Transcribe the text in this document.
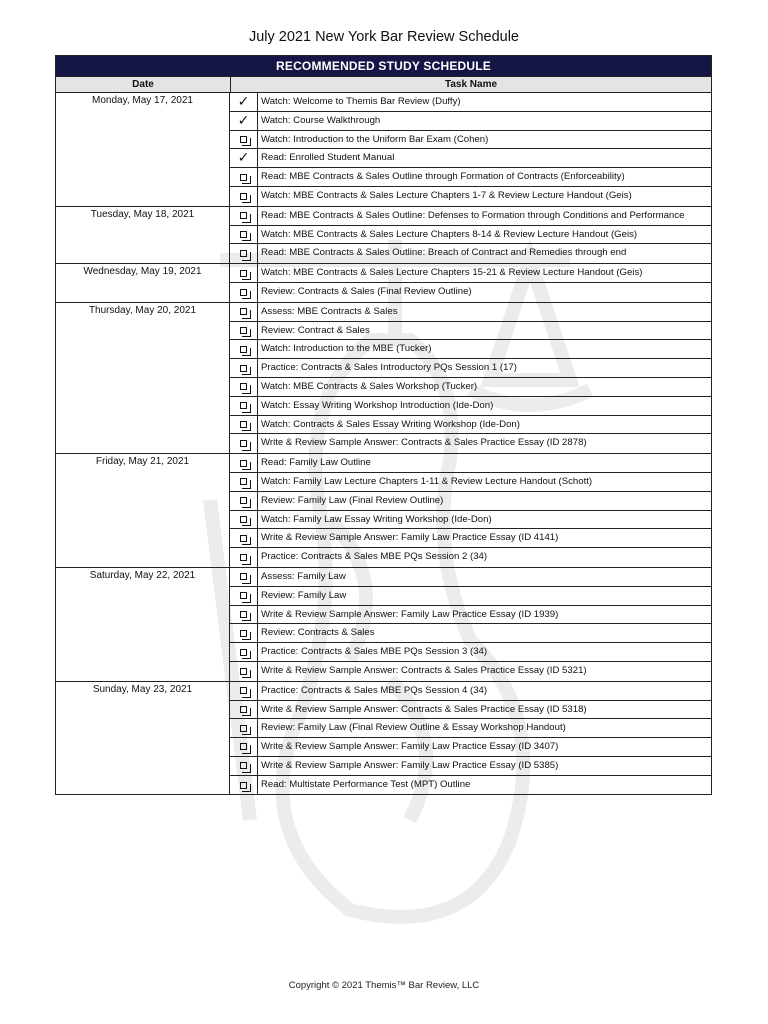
July 2021 New York Bar Review Schedule
RECOMMENDED STUDY SCHEDULE
Date	Task Name
Monday, May 17, 2021	✓	Watch: Welcome to Themis Bar Review (Duffy)
✓	Watch: Course Walkthrough
Watch: Introduction to the Uniform Bar Exam (Cohen)
✓	Read: Enrolled Student Manual
Read: MBE Contracts & Sales Outline through Formation of Contracts (Enforceability)
Watch: MBE Contracts & Sales Lecture Chapters 1-7 & Review Lecture Handout (Geis)
Tuesday, May 18, 2021	Read: MBE Contracts & Sales Outline: Defenses to Formation through Conditions and Performance
Watch: MBE Contracts & Sales Lecture Chapters 8-14 & Review Lecture Handout (Geis)
Read: MBE Contracts & Sales Outline: Breach of Contract and Remedies through end
Wednesday, May 19, 2021	Watch: MBE Contracts & Sales Lecture Chapters 15-21 & Review Lecture Handout (Geis)
Review: Contracts & Sales (Final Review Outline)
Thursday, May 20, 2021	Assess: MBE Contracts & Sales
Review: Contract & Sales
Watch: Introduction to the MBE (Tucker)
Practice: Contracts & Sales Introductory PQs Session 1 (17)
Watch: MBE Contracts & Sales Workshop (Tucker)
Watch: Essay Writing Workshop Introduction (Ide-Don)
Watch: Contracts & Sales Essay Writing Workshop (Ide-Don)
Write & Review Sample Answer: Contracts & Sales Practice Essay (ID 2878)
Friday, May 21, 2021	Read: Family Law Outline
Watch: Family Law Lecture Chapters 1-11 & Review Lecture Handout (Schott)
Review: Family Law (Final Review Outline)
Watch: Family Law Essay Writing Workshop (Ide-Don)
Write & Review Sample Answer: Family Law Practice Essay (ID 4141)
Practice: Contracts & Sales MBE PQs Session 2 (34)
Saturday, May 22, 2021	Assess: Family Law
Review: Family Law
Write & Review Sample Answer: Family Law Practice Essay (ID 1939)
Review: Contracts & Sales
Practice: Contracts & Sales MBE PQs Session 3 (34)
Write & Review Sample Answer: Contracts & Sales Practice Essay (ID 5321)
Sunday, May 23, 2021	Practice: Contracts & Sales MBE PQs Session 4 (34)
Write & Review Sample Answer: Contracts & Sales Practice Essay (ID 5318)
Review: Family Law (Final Review Outline & Essay Workshop Handout)
Write & Review Sample Answer: Family Law Practice Essay (ID 3407)
Write & Review Sample Answer: Family Law Practice Essay (ID 5385)
Read: Multistate Performance Test (MPT) Outline
Copyright © 2021 Themis™ Bar Review, LLC
